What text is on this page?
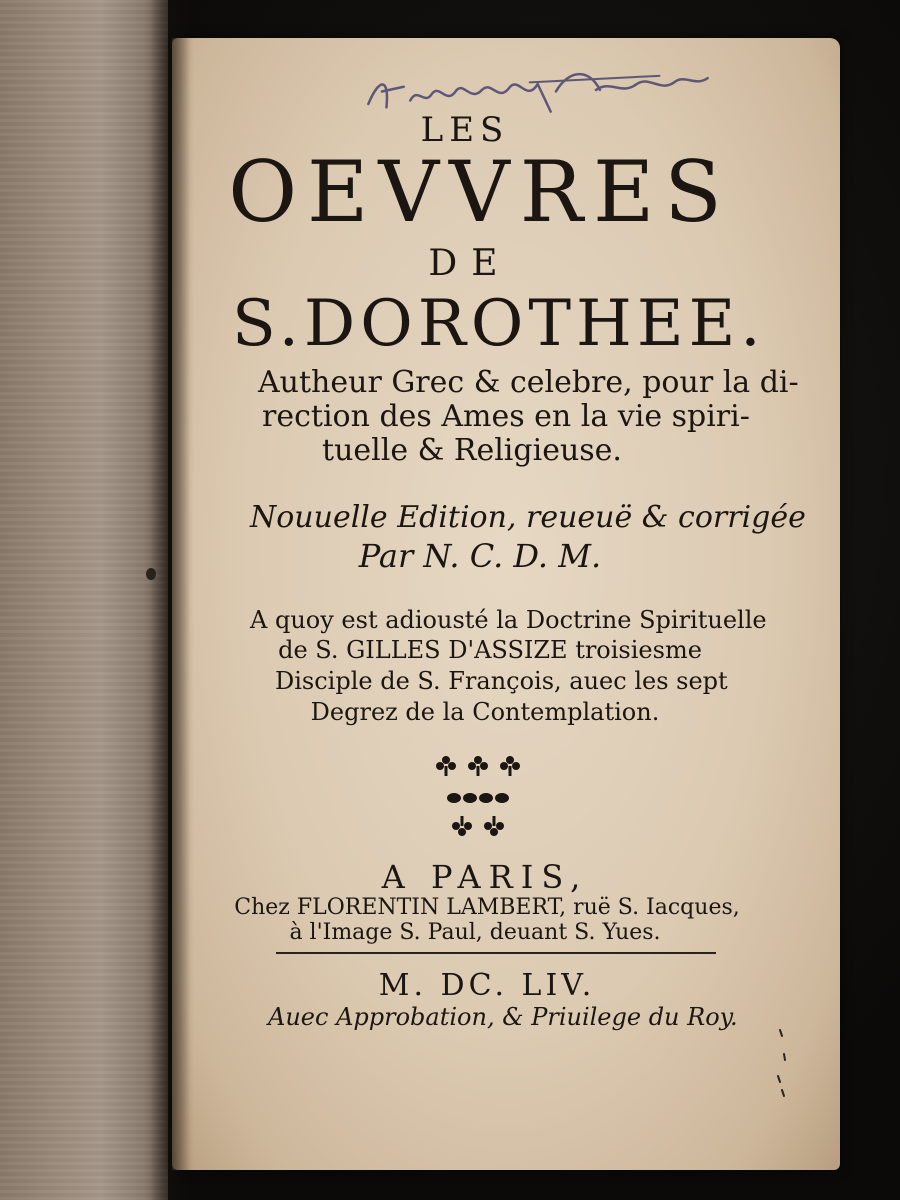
LES
OEVVRES
DE
S.DOROTHEE.
Autheur Grec & celebre, pour la di-
rection des Ames en la vie spiri-
tuelle & Religieuse.
Nouuelle Edition, reueuë & corrigée
Par N. C. D. M.
A quoy est adiousté la Doctrine Spirituelle
de S. GILLES D'ASSIZE troisiesme
Disciple de S. François, auec les sept
Degrez de la Contemplation.
A PARIS,
Chez FLORENTIN LAMBERT, ruë S. Iacques,
à l'Image S. Paul, deuant S. Yues.
M. DC. LIV.
Auec Approbation, & Priuilege du Roy.
